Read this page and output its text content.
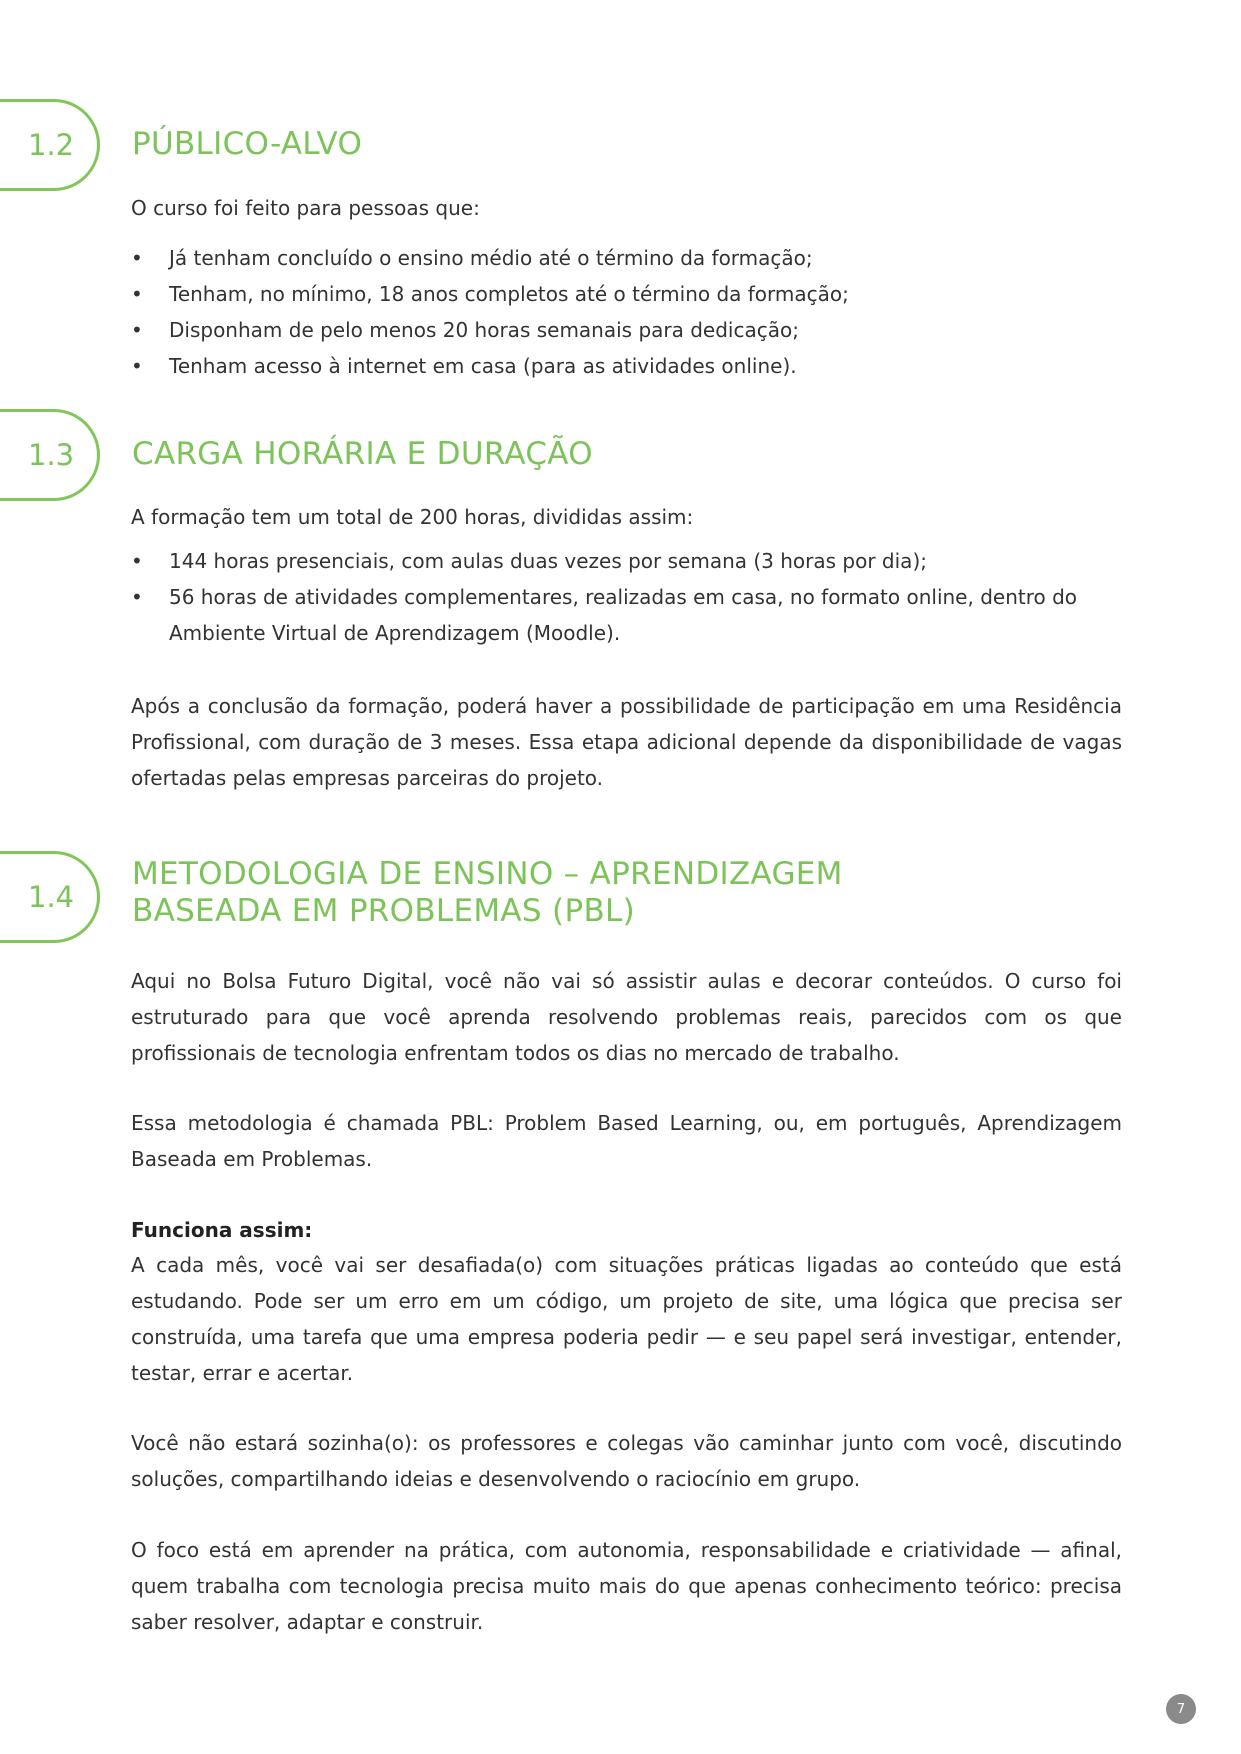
1.2 PÚBLICO-ALVO

O curso foi feito para pessoas que:

• Já tenham concluído o ensino médio até o término da formação;
• Tenham, no mínimo, 18 anos completos até o término da formação;
• Disponham de pelo menos 20 horas semanais para dedicação;
• Tenham acesso à internet em casa (para as atividades online).
1.3 CARGA HORÁRIA E DURAÇÃO

A formação tem um total de 200 horas, divididas assim:

• 144 horas presenciais, com aulas duas vezes por semana (3 horas por dia);
• 56 horas de atividades complementares, realizadas em casa, no formato online, dentro do Ambiente Virtual de Aprendizagem (Moodle).

Após a conclusão da formação, poderá haver a possibilidade de participação em uma Residência Profissional, com duração de 3 meses. Essa etapa adicional depende da disponibilidade de vagas ofertadas pelas empresas parceiras do projeto.

1.4
METODOLOGIA DE ENSINO – APRENDIZAGEM
BASEADA EM PROBLEMAS (PBL)

Aqui no Bolsa Futuro Digital, você não vai só assistir aulas e decorar conteúdos. O curso foi estruturado para que você aprenda resolvendo problemas reais, parecidos com os que profissionais de tecnologia enfrentam todos os dias no mercado de trabalho.

Essa metodologia é chamada PBL: Problem Based Learning, ou, em português, Aprendizagem Baseada em Problemas.

Funciona assim:

A cada mês, você vai ser desafiada(o) com situações práticas ligadas ao conteúdo que está estudando. Pode ser um erro em um código, um projeto de site, uma lógica que precisa ser construída, uma tarefa que uma empresa poderia pedir — e seu papel será investigar, entender, testar, errar e acertar.

Você não estará sozinha(o): os professores e colegas vão caminhar junto com você, discutindo soluções, compartilhando ideias e desenvolvendo o raciocínio em grupo.

O foco está em aprender na prática, com autonomia, responsabilidade e criatividade — afinal, quem trabalha com tecnologia precisa muito mais do que apenas conhecimento teórico: precisa saber resolver, adaptar e construir.

7
